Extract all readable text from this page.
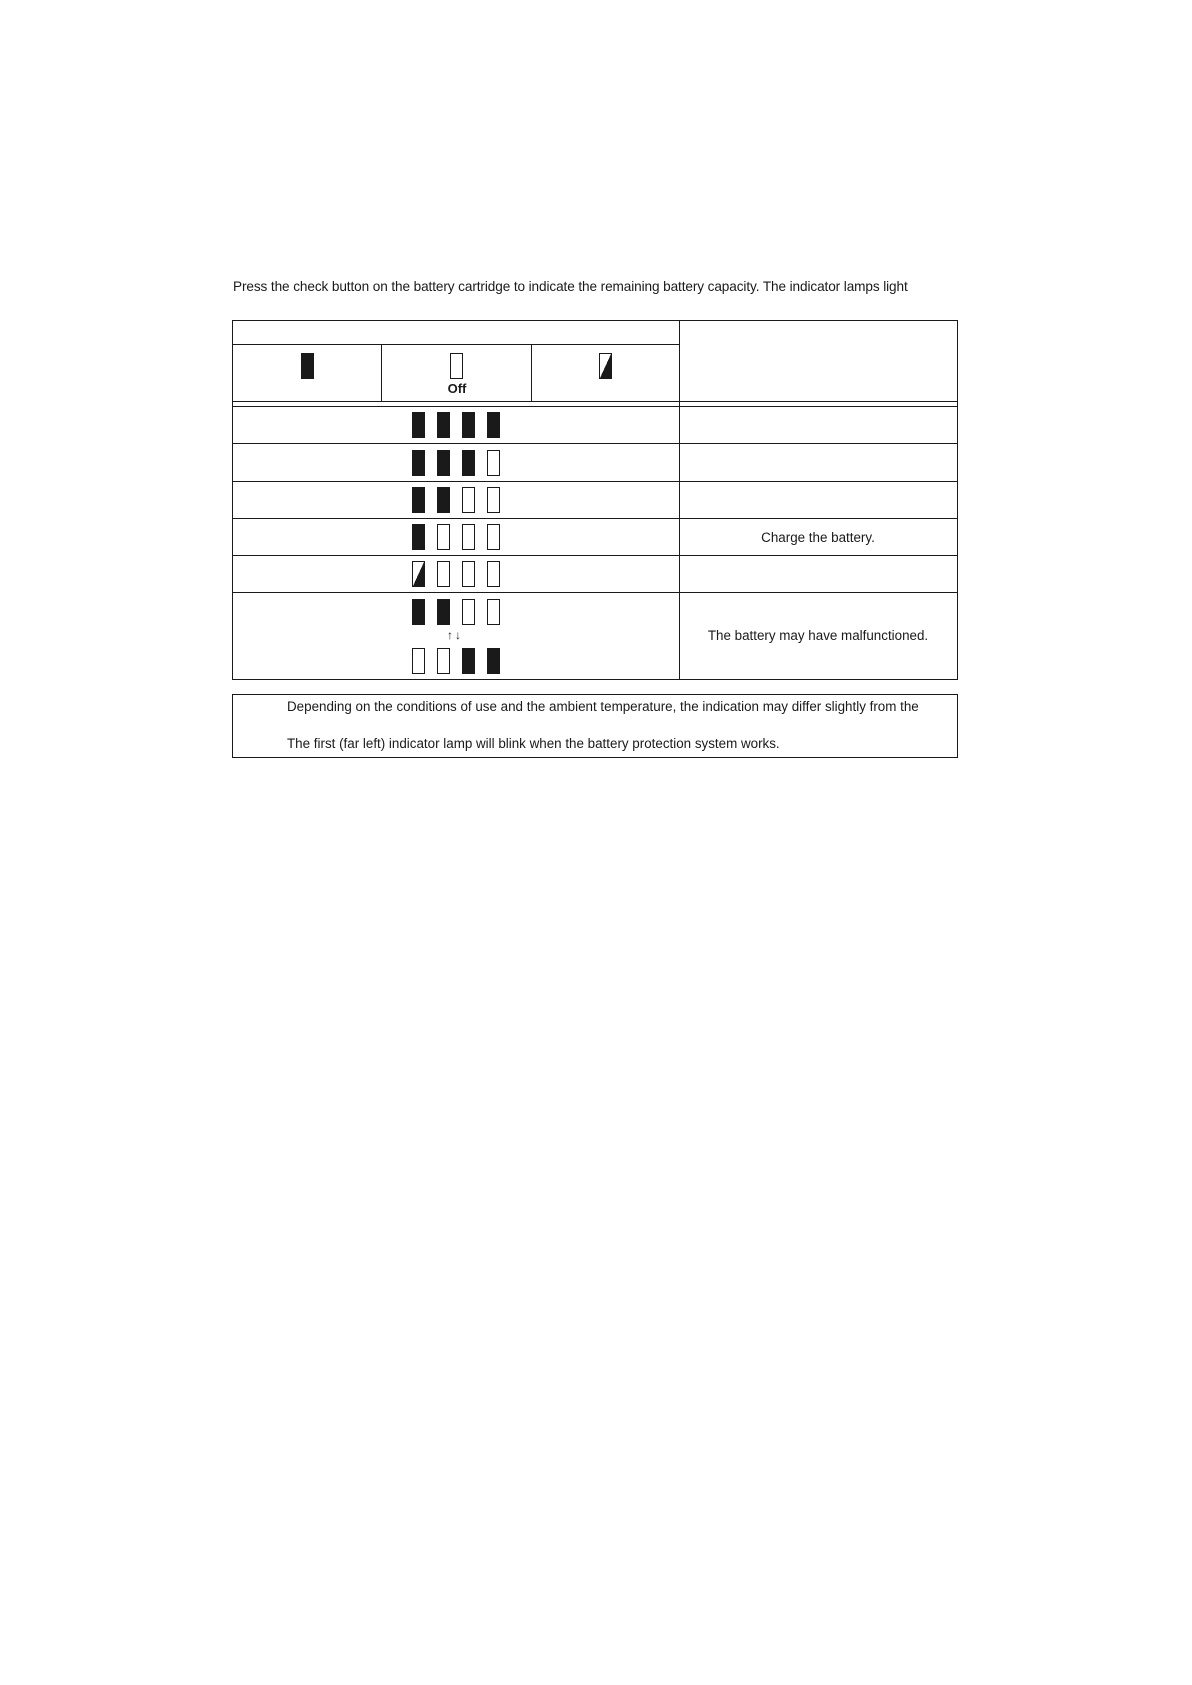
Press the check button on the battery cartridge to indicate the remaining battery capacity. The indicator lamps light
Off
↑↓
Charge the battery.
The battery may have malfunctioned.
Depending on the conditions of use and the ambient temperature, the indication may differ slightly from the
The first (far left) indicator lamp will blink when the battery protection system works.
